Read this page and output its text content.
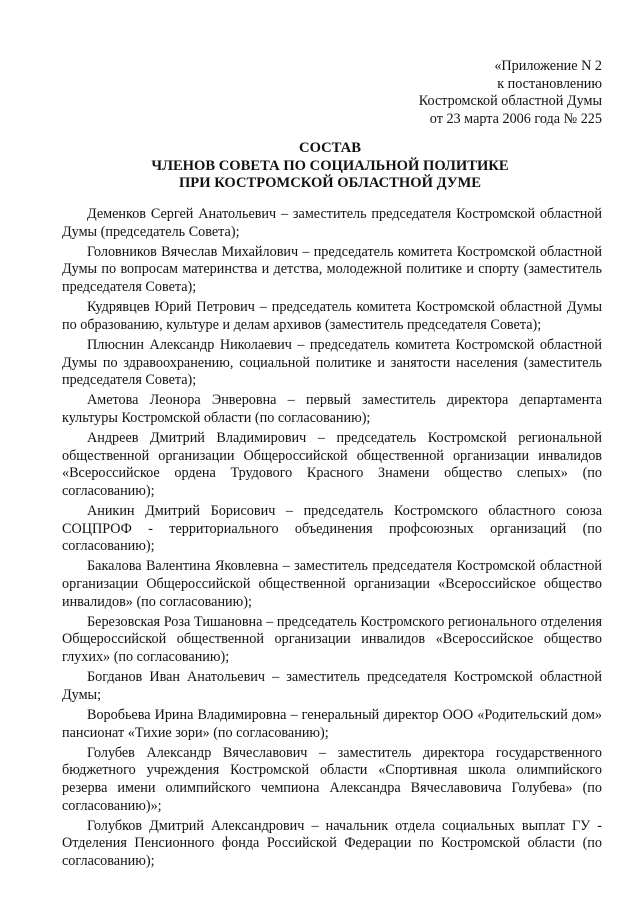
«Приложение N 2
к постановлению
Костромской областной Думы
от 23 марта 2006 года № 225
СОСТАВ
ЧЛЕНОВ СОВЕТА ПО СОЦИАЛЬНОЙ ПОЛИТИКЕ
ПРИ КОСТРОМСКОЙ ОБЛАСТНОЙ ДУМЕ

Деменков Сергей Анатольевич – заместитель председателя Костромской областной Думы (председатель Совета);

Головников Вячеслав Михайлович – председатель комитета Костромской областной Думы по вопросам материнства и детства, молодежной политике и спорту (заместитель председателя Совета);

Кудрявцев Юрий Петрович – председатель комитета Костромской областной Думы по образованию, культуре и делам архивов (заместитель председателя Совета);

Плюснин Александр Николаевич – председатель комитета Костромской областной Думы по здравоохранению, социальной политике и занятости населения (заместитель председателя Совета);

Аметова Леонора Энверовна – первый заместитель директора департамента культуры Костромской области (по согласованию);

Андреев Дмитрий Владимирович – председатель Костромской региональной общественной организации Общероссийской общественной организации инвалидов «Всероссийское ордена Трудового Красного Знамени общество слепых» (по согласованию);

Аникин Дмитрий Борисович – председатель Костромского областного союза СОЦПРОФ - территориального объединения профсоюзных организаций (по согласованию);

Бакалова Валентина Яковлевна – заместитель председателя Костромской областной организации Общероссийской общественной организации «Всероссийское общество инвалидов» (по согласованию);

Березовская Роза Тишановна – председатель Костромского регионального отделения Общероссийской общественной организации инвалидов «Всероссийское общество глухих» (по согласованию);

Богданов Иван Анатольевич – заместитель председателя Костромской областной Думы;

Воробьева Ирина Владимировна – генеральный директор ООО «Родительский дом» пансионат «Тихие зори» (по согласованию);

Голубев Александр Вячеславович – заместитель директора государственного бюджетного учреждения Костромской области «Спортивная школа олимпийского резерва имени олимпийского чемпиона Александра Вячеславовича Голубева» (по согласованию)»;

Голубков Дмитрий Александрович – начальник отдела социальных выплат ГУ - Отделения Пенсионного фонда Российской Федерации по Костромской области (по согласованию);
